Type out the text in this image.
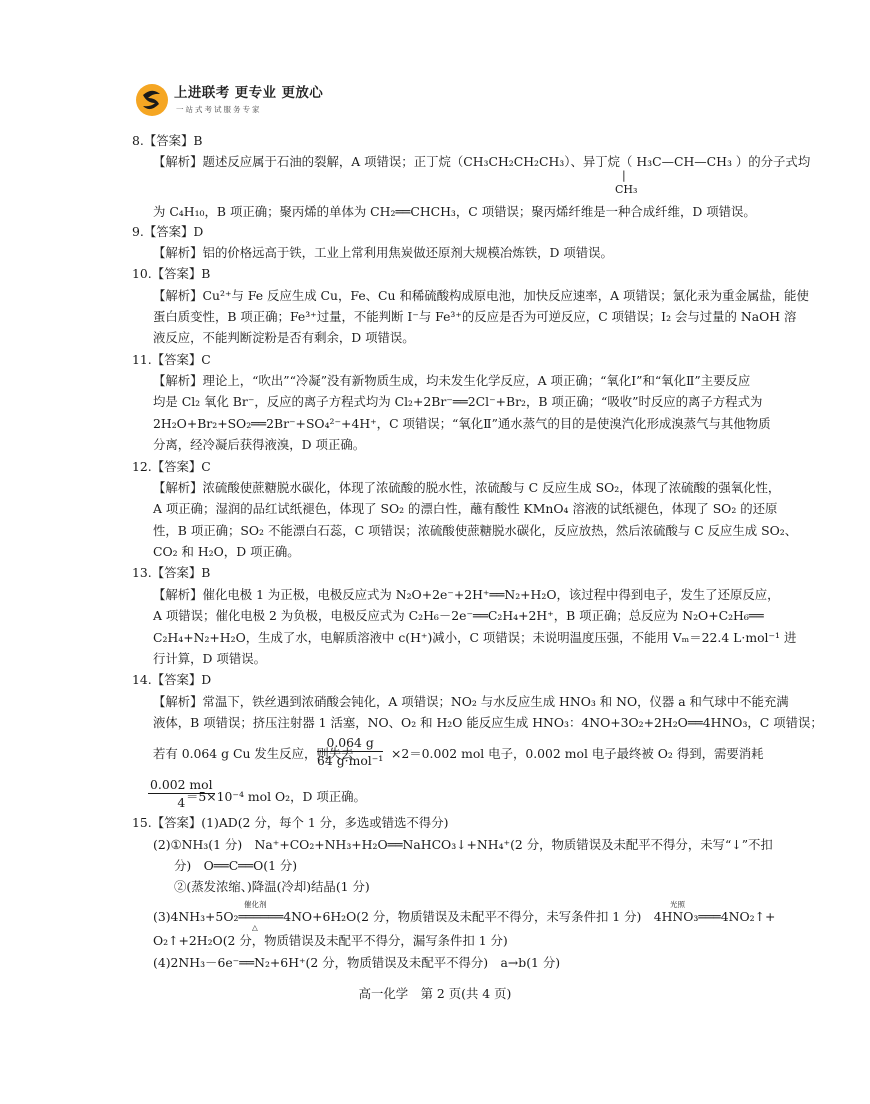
上进联考 更专业 更放心
一站式考试服务专家
8.【答案】B
【解析】题述反应属于石油的裂解，A 项错误；正丁烷（CH₃CH₂CH₂CH₃）、异丁烷（ H₃C—CH—CH₃ ）的分子式均
为 C₄H₁₀，B 项正确；聚丙烯的单体为 CH₂══CHCH₃，C 项错误；聚丙烯纤维是一种合成纤维，D 项错误。
9.【答案】D
【解析】铝的价格远高于铁，工业上常利用焦炭做还原剂大规模冶炼铁，D 项错误。
10.【答案】B
【解析】Cu²⁺与 Fe 反应生成 Cu，Fe、Cu 和稀硫酸构成原电池，加快反应速率，A 项错误；氯化汞为重金属盐，能使
蛋白质变性，B 项正确；Fe³⁺过量，不能判断 I⁻与 Fe³⁺的反应是否为可逆反应，C 项错误；I₂ 会与过量的 NaOH 溶
液反应，不能判断淀粉是否有剩余，D 项错误。
11.【答案】C
【解析】理论上，“吹出”“冷凝”没有新物质生成，均未发生化学反应，A 项正确；“氧化Ⅰ”和“氧化Ⅱ”主要反应
均是 Cl₂ 氧化 Br⁻，反应的离子方程式均为 Cl₂+2Br⁻══2Cl⁻+Br₂，B 项正确；“吸收”时反应的离子方程式为
2H₂O+Br₂+SO₂══2Br⁻+SO₄²⁻+4H⁺，C 项错误；“氧化Ⅱ”通水蒸气的目的是使溴汽化形成溴蒸气与其他物质
分离，经冷凝后获得液溴，D 项正确。
12.【答案】C
【解析】浓硫酸使蔗糖脱水碳化，体现了浓硫酸的脱水性，浓硫酸与 C 反应生成 SO₂，体现了浓硫酸的强氧化性，
A 项正确；湿润的品红试纸褪色，体现了 SO₂ 的漂白性，蘸有酸性 KMnO₄ 溶液的试纸褪色，体现了 SO₂ 的还原
性，B 项正确；SO₂ 不能漂白石蕊，C 项错误；浓硫酸使蔗糖脱水碳化，反应放热，然后浓硫酸与 C 反应生成 SO₂、
CO₂ 和 H₂O，D 项正确。
13.【答案】B
【解析】催化电极 1 为正极，电极反应式为 N₂O+2e⁻+2H⁺══N₂+H₂O，该过程中得到电子，发生了还原反应，
A 项错误；催化电极 2 为负极，电极反应式为 C₂H₆－2e⁻══C₂H₄+2H⁺，B 项正确；总反应为 N₂O+C₂H₆══
C₂H₄+N₂+H₂O，生成了水，电解质溶液中 c(H⁺)减小，C 项错误；未说明温度压强，不能用 Vₘ＝22.4 L·mol⁻¹ 进
行计算，D 项错误。
14.【答案】D
【解析】常温下，铁丝遇到浓硝酸会钝化，A 项错误；NO₂ 与水反应生成 HNO₃ 和 NO，仪器 a 和气球中不能充满
液体，B 项错误；挤压注射器 1 活塞，NO、O₂ 和 H₂O 能反应生成 HNO₃：4NO+3O₂+2H₂O══4HNO₃，C 项错误；
若有 0.064 g Cu 发生反应，则失去	×2＝0.002 mol 电子，0.002 mol 电子最终被 O₂ 得到，需要消耗
＝5×10⁻⁴ mol O₂，D 项正确。
15.【答案】(1)AD(2 分，每个 1 分，多选或错选不得分)
(2)①NH₃(1 分)　Na⁺+CO₂+NH₃+H₂O══NaHCO₃↓+NH₄⁺(2 分，物质错误及未配平不得分，未写“↓”不扣
分)　O══C══O(1 分)
②(蒸发浓缩、)降温(冷却)结晶(1 分)
(3)4NH₃+5O₂══════4NO+6H₂O(2 分，物质错误及未配平不得分，未写条件扣 1 分)　4HNO₃═══4NO₂↑+
O₂↑+2H₂O(2 分，物质错误及未配平不得分，漏写条件扣 1 分)
(4)2NH₃－6e⁻══N₂+6H⁺(2 分，物质错误及未配平不得分)　a→b(1 分)
|
CH₃
0.064 g
64 g·mol⁻¹
0.002 mol
4
催化剂
△
光照
高一化学　第 2 页(共 4 页)
